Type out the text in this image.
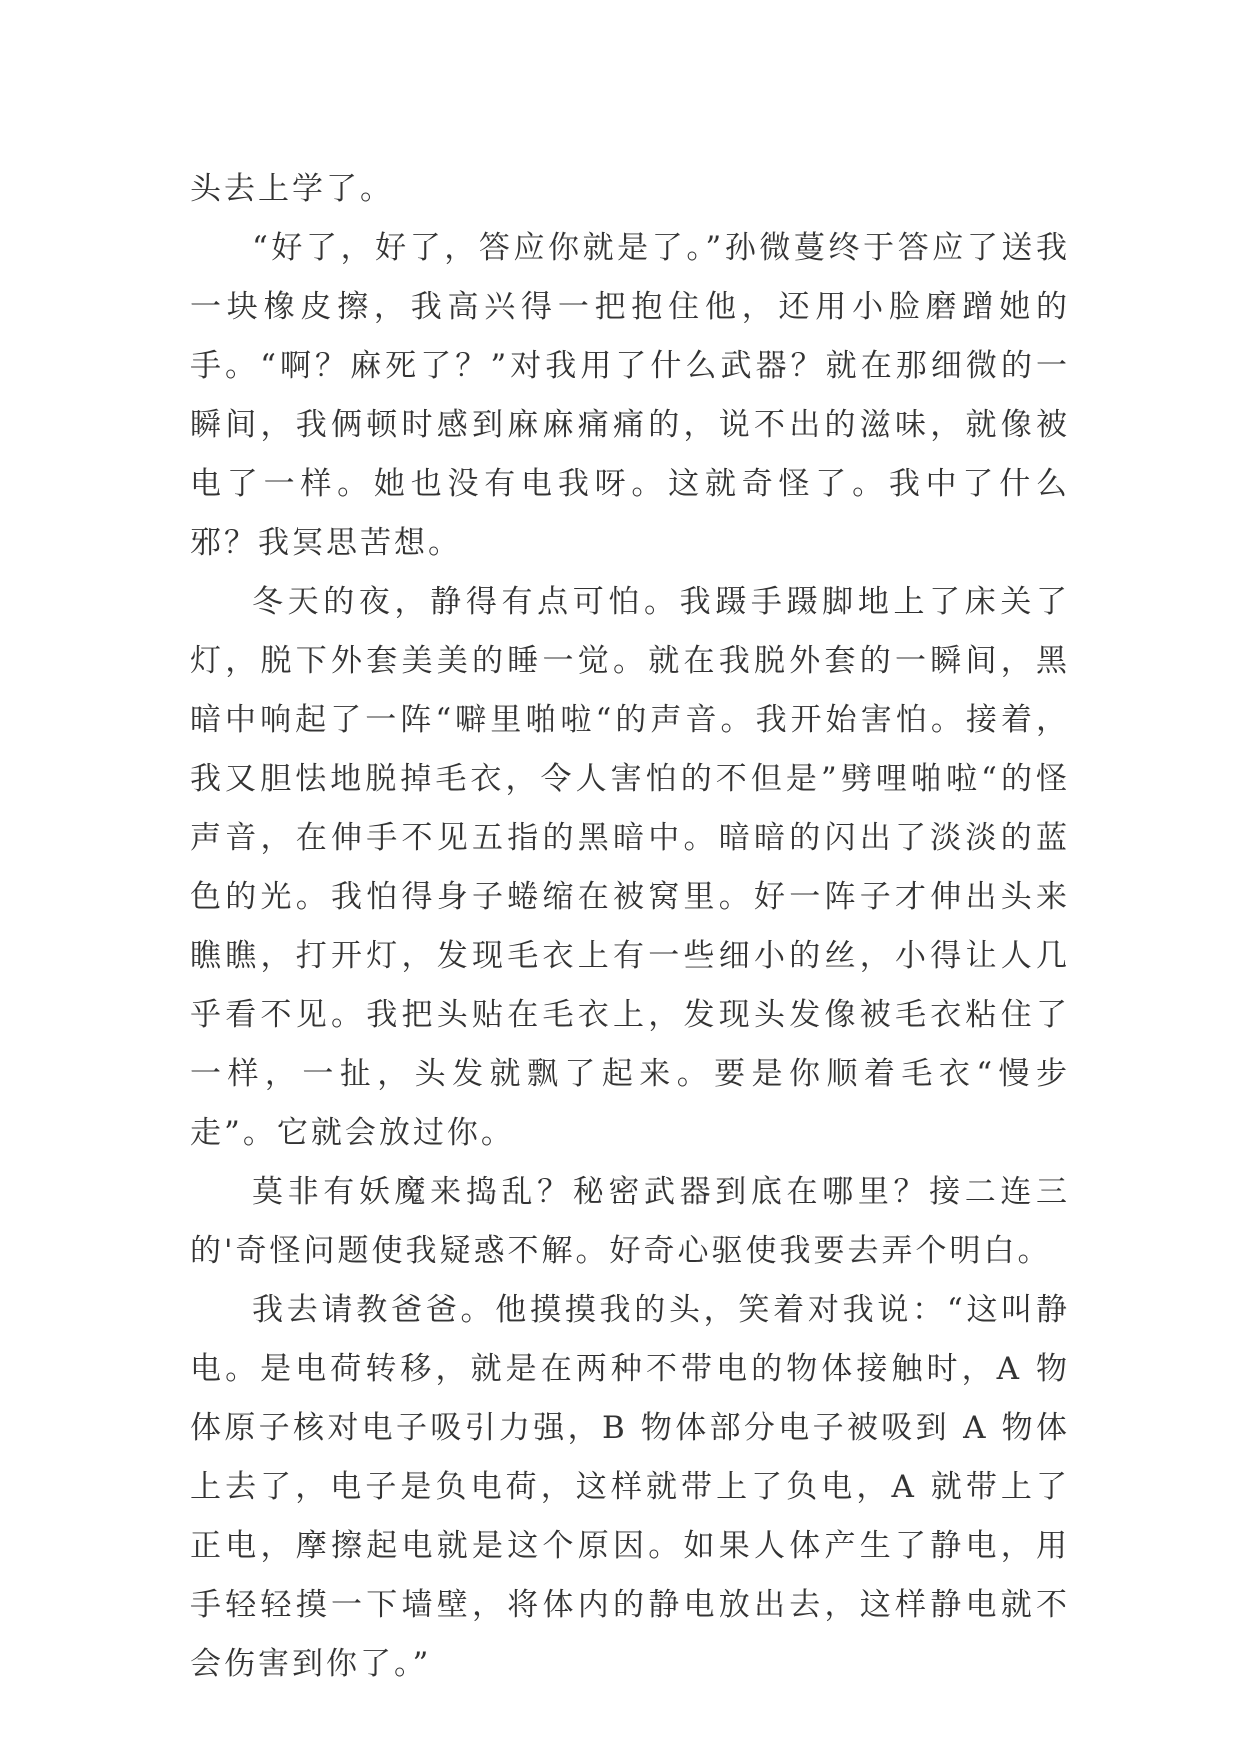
头去上学了。

“好了，好了，答应你就是了。”孙微蔓终于答应了送我一块橡皮擦，我高兴得一把抱住他，还用小脸磨蹭她的手。“啊？麻死了？”对我用了什么武器？就在那细微的一瞬间，我俩顿时感到麻麻痛痛的，说不出的滋味，就像被电了一样。她也没有电我呀。这就奇怪了。我中了什么邪？我冥思苦想。

冬天的夜，静得有点可怕。我蹑手蹑脚地上了床关了灯，脱下外套美美的睡一觉。就在我脱外套的一瞬间，黑暗中响起了一阵“噼里啪啦“的声音。我开始害怕。接着，我又胆怯地脱掉毛衣，令人害怕的不但是”劈哩啪啦“的怪声音，在伸手不见五指的黑暗中。暗暗的闪出了淡淡的蓝色的光。我怕得身子蜷缩在被窝里。好一阵子才伸出头来瞧瞧，打开灯，发现毛衣上有一些细小的丝，小得让人几乎看不见。我把头贴在毛衣上，发现头发像被毛衣粘住了一样，一扯，头发就飘了起来。要是你顺着毛衣“慢步走”。它就会放过你。

莫非有妖魔来捣乱？秘密武器到底在哪里？接二连三的'奇怪问题使我疑惑不解。好奇心驱使我要去弄个明白。

我去请教爸爸。他摸摸我的头，笑着对我说：“这叫静电。是电荷转移，就是在两种不带电的物体接触时，A 物体原子核对电子吸引力强，B 物体部分电子被吸到 A 物体上去了，电子是负电荷，这样就带上了负电，A 就带上了正电，摩擦起电就是这个原因。如果人体产生了静电，用手轻轻摸一下墙壁，将体内的静电放出去，这样静电就不会伤害到你了。”
